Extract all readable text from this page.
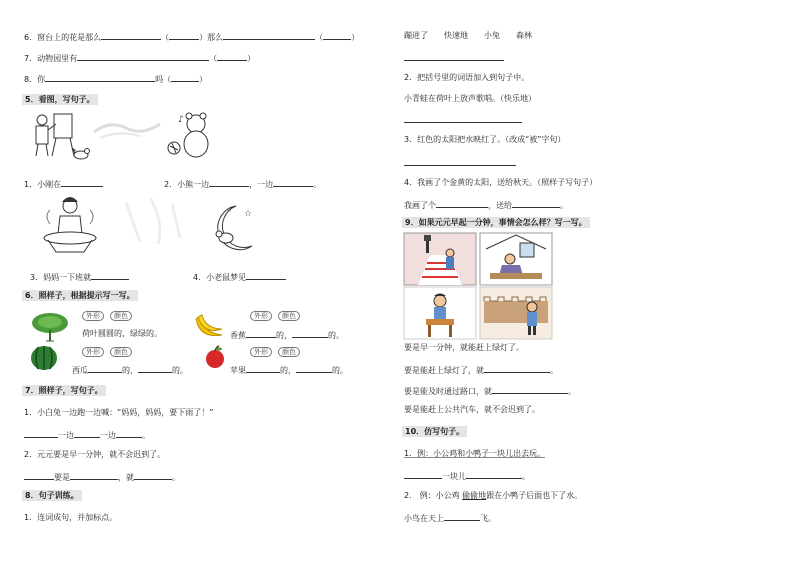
6．窗台上的花是那么	（	）那么	（	）
7．动物园里有	（	）
8．你	吗（	）
5．看图，写句子。
♪
1．小刚在	2．小熊一边	，一边	。
☆
☆
3．妈妈一下班就	4．小老鼠梦见
6．照样子，根据提示写一写。
外形 颜色
荷叶圆圆的，绿绿的。
外形 颜色
香蕉	的，	的。
外形 颜色
西瓜	的，	的。
外形 颜色
苹果	的，	的。
7．照样子，写句子。
1．小白兔一边跑一边喊：“妈妈，妈妈，要下雨了！”
一边	一边	。
2．元元要是早一分钟，就不会迟到了。
要是	，就	。
8．句子训练。
1．连词成句，并加标点。
蹦进了 快速地 小兔 森林
2．把括号里的词语加入到句子中。
小青蛙在荷叶上放声歌唱。（快乐地）
3．红色的太阳把水映红了。（改成“被”字句）
4．我画了个金黄的太阳，送给秋天。（照样子写句子）
我画了个	，送给	。
9．如果元元早起一分钟，事情会怎么样？写一写。
要是早一分钟，就能赶上绿灯了。
要是能赶上绿灯了，就	。
要是能及时通过路口，就	。
要是能赶上公共汽车，就不会迟到了。
10．仿写句子。
1．例：小公鸡和小鸭子一块儿出去玩。
一块儿	。
2． 例：小公鸡 偷偷地跟在小鸭子后面也下了水。
小鸟在天上	飞。
